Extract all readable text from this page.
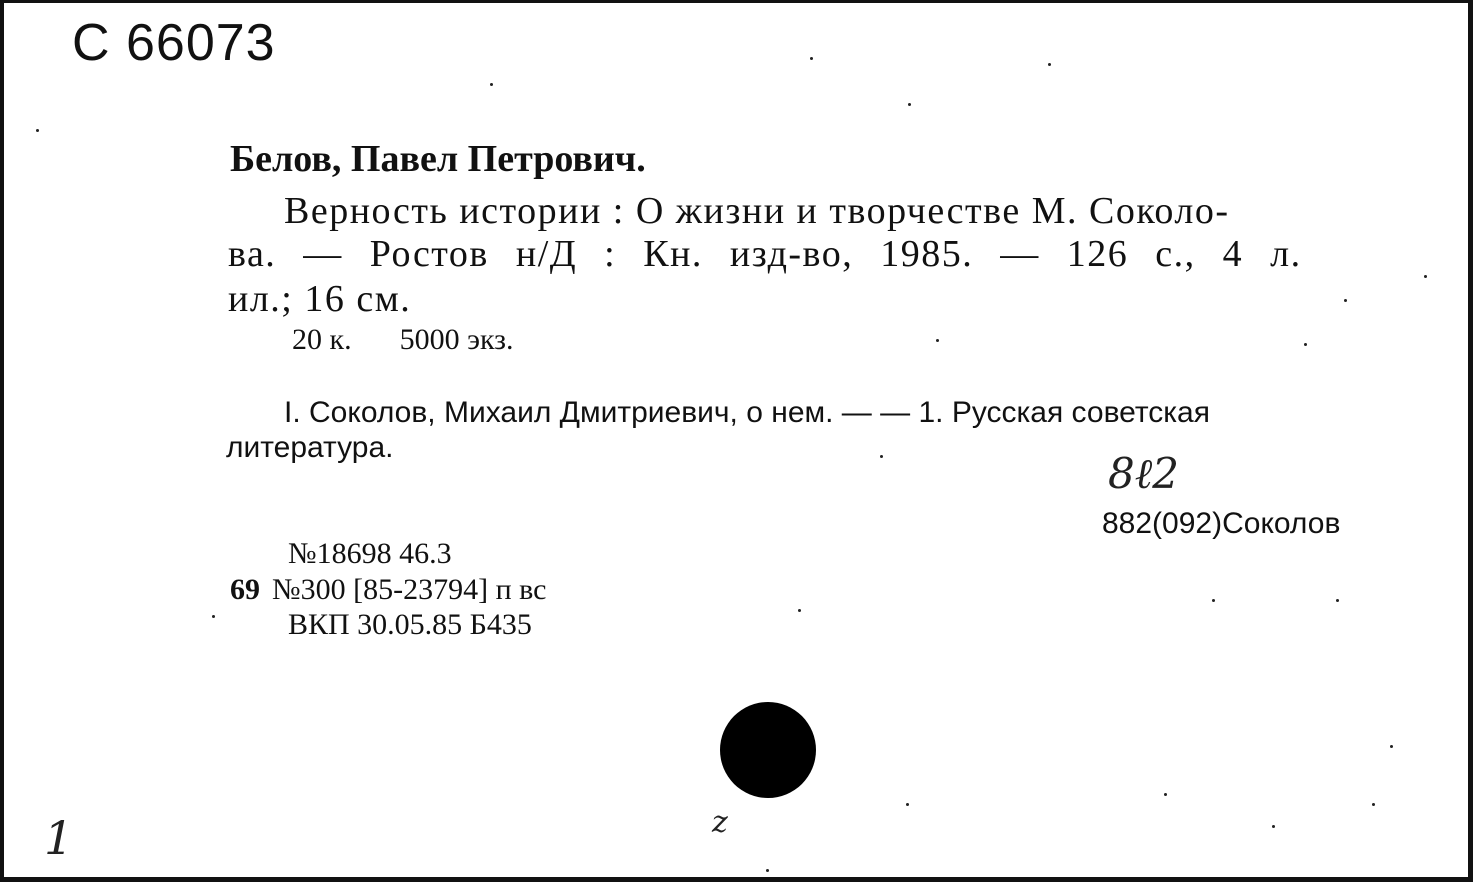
С 66073
Белов, Павел Петрович.
Верность истории : О жизни и творчестве М. Соколо-
ва. — Ростов н/Д : Кн. изд-во, 1985. — 126 с., 4 л.
ил.; 16 см.
20 к. 5000 экз.
I. Соколов, Михаил Дмитриевич, о нем. — — 1. Русская советская
литература.
8ℓ2
882(092)Соколов
№18698 46.3
69 №300 [85-23794] п вс
ВКП 30.05.85 Б435
1	z
